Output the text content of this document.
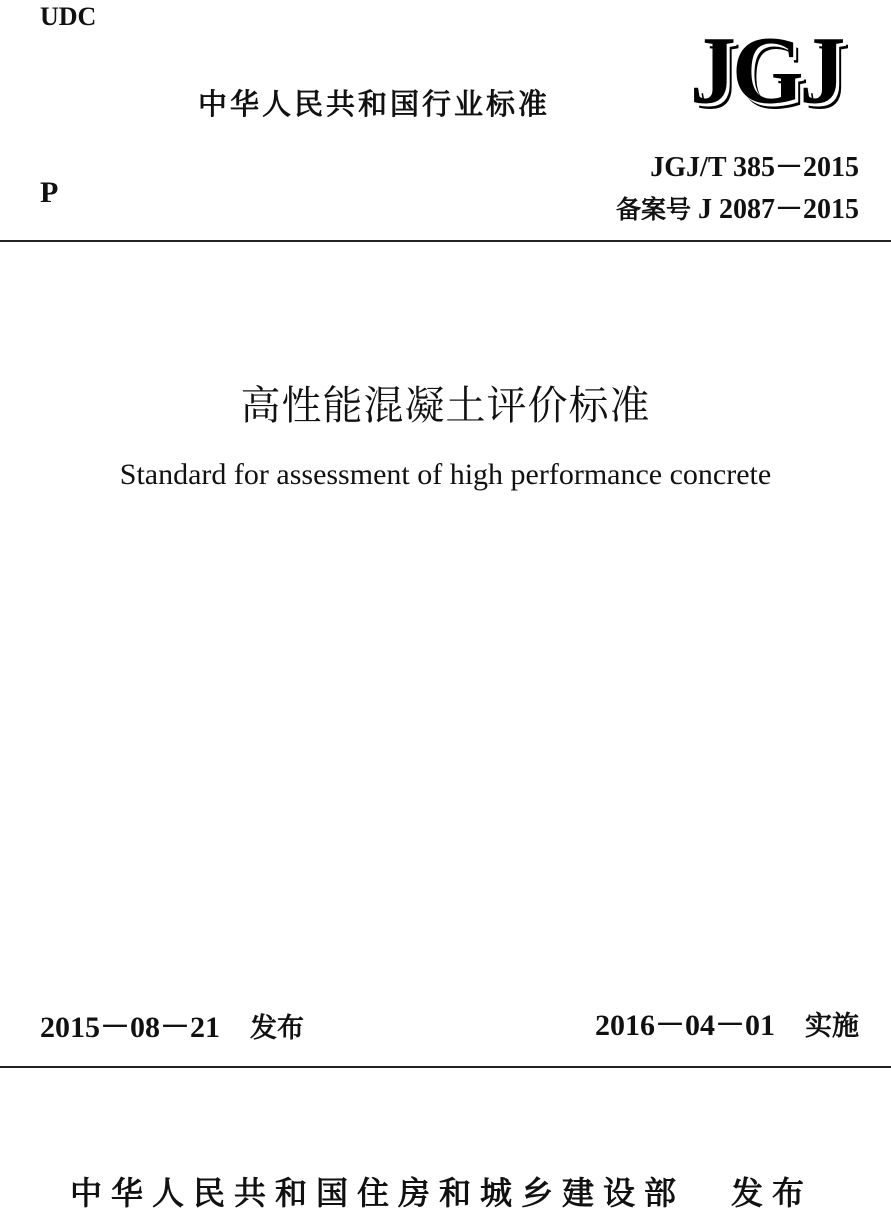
UDC
中华人民共和国行业标准 JGJ
P
JGJ/T 385－2015
备案号 J 2087－2015
高性能混凝土评价标准
Standard for assessment of high performance concrete
2015－08－21 发布	2016－04－01 实施
中华人民共和国住房和城乡建设部 发布
